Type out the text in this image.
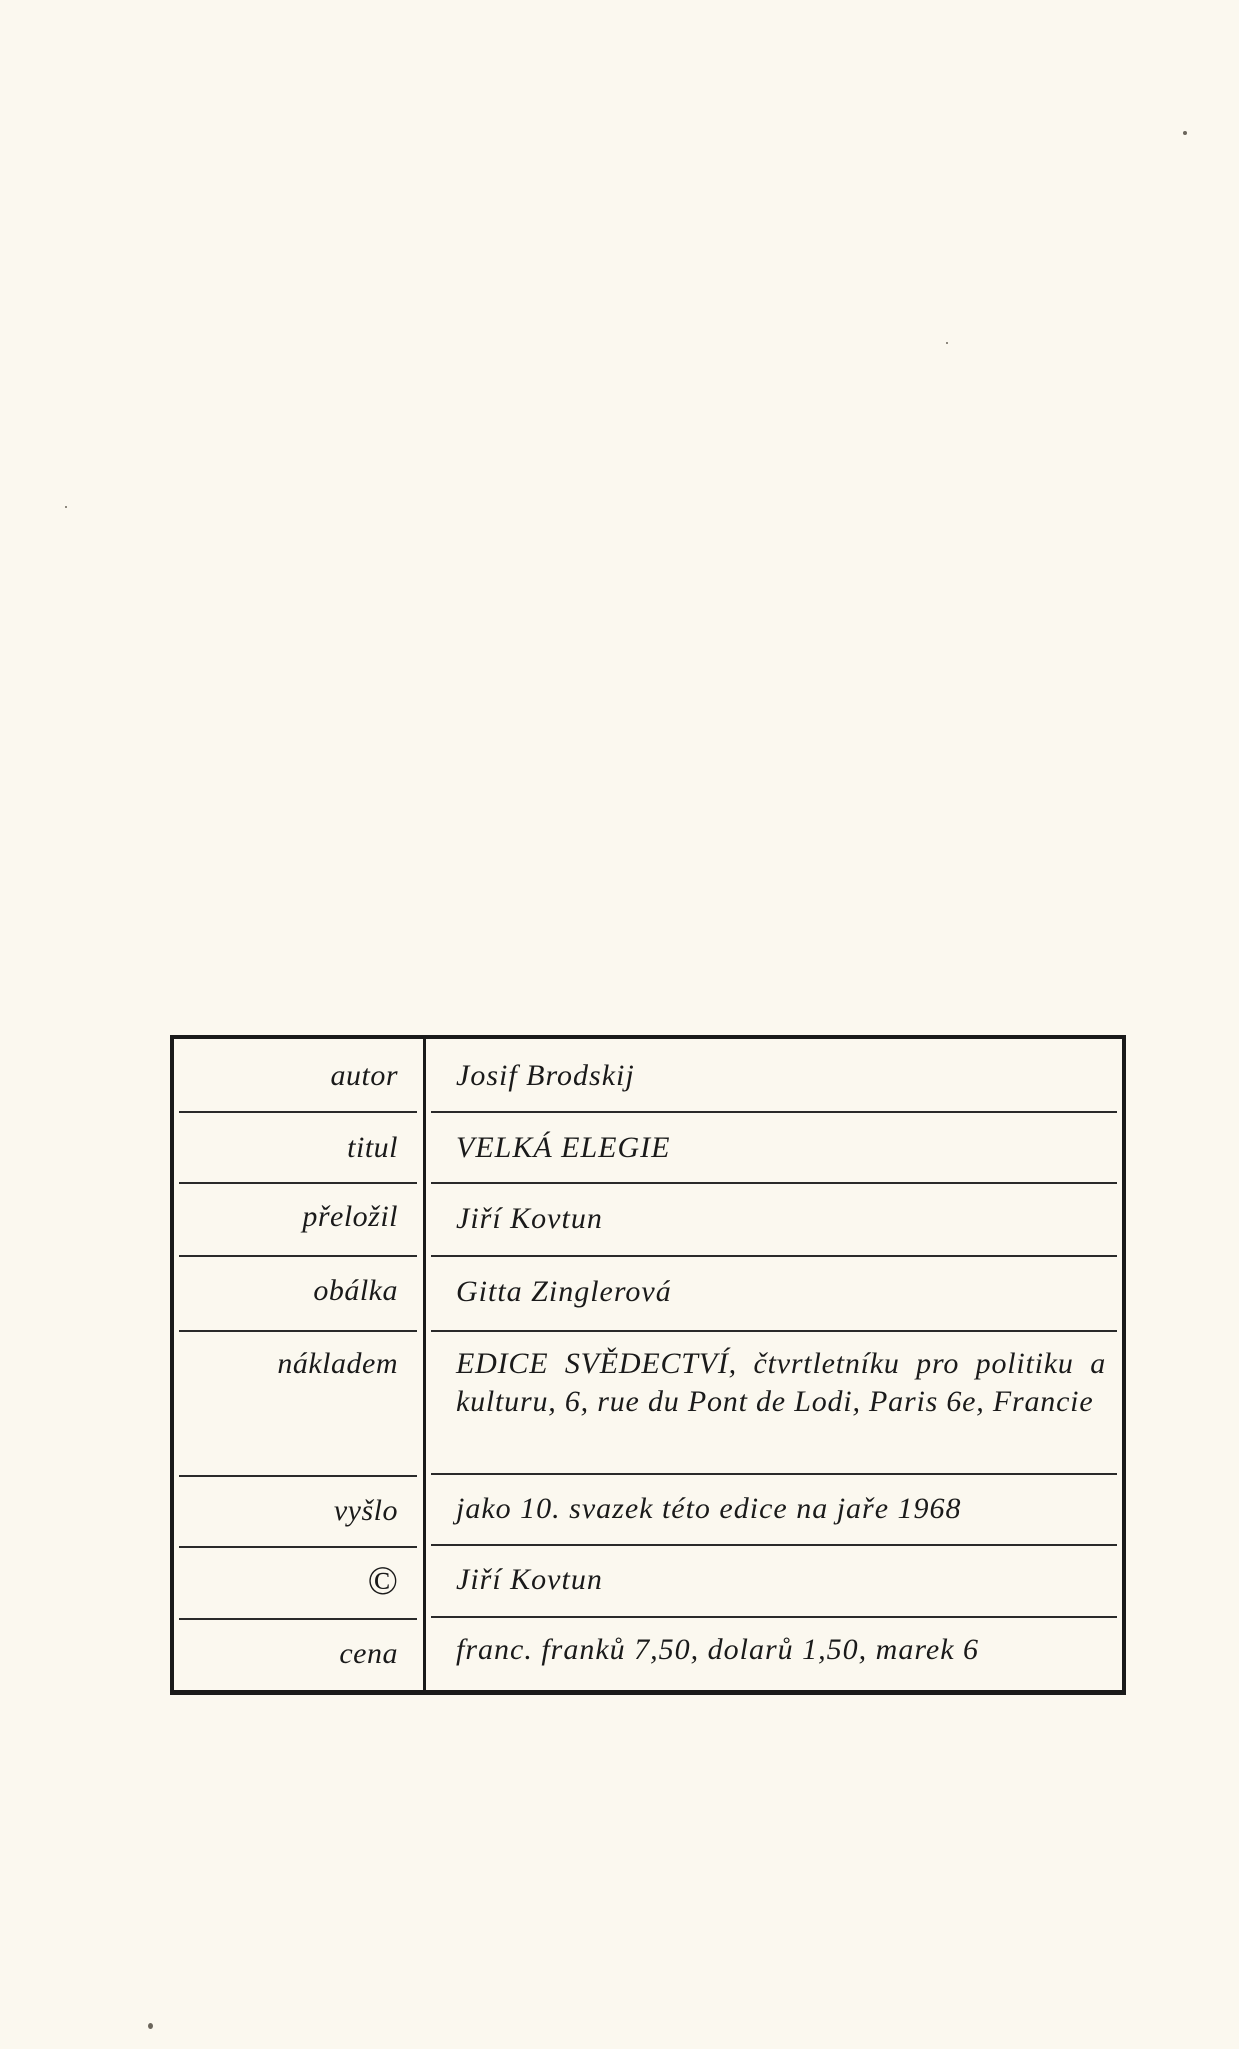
autor Josif Brodskij
titul VELKÁ ELEGIE
přeložil Jiří Kovtun
obálka Gitta Zinglerová
nákladem EDICE SVĚDECTVÍ, čtvrtletníku pro politiku a kulturu, 6, rue du Pont de Lodi, Paris 6e, Francie
vyšlo jako 10. svazek této edice na jaře 1968
© Jiří Kovtun
cena franc. franků 7,50, dolarů 1,50, marek 6
